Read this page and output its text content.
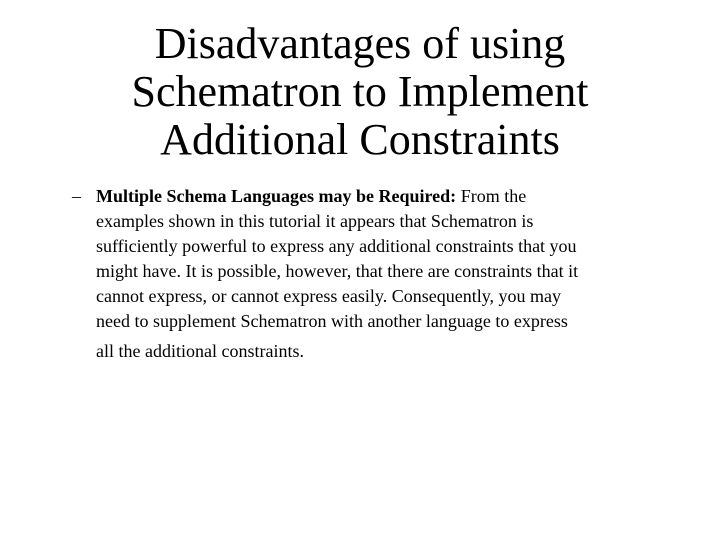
Disadvantages of using
Schematron to Implement
Additional Constraints
– Multiple Schema Languages may be Required: From the
examples shown in this tutorial it appears that Schematron is
sufficiently powerful to express any additional constraints that you
might have. It is possible, however, that there are constraints that it
cannot express, or cannot express easily. Consequently, you may
need to supplement Schematron with another language to express
all the additional constraints.
